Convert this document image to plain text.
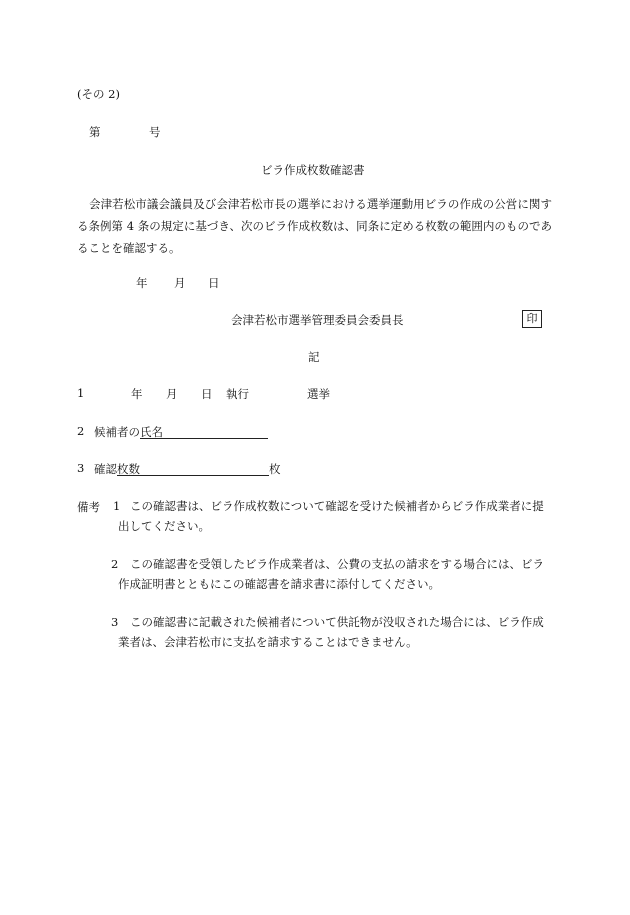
(その 2)
第	号
ビラ作成枚数確認書
会津若松市議会議員及び会津若松市長の選挙における選挙運動用ビラの作成の公営に関する条例第 4 条の規定に基づき、次のビラ作成枚数は、同条に定める枚数の範囲内のものであることを確認する。
年 月 日
会津若松市選挙管理委員会委員長	印
記
1	年 月 日 執行	選挙
2 候補者の氏名
3 確認枚数	枚
備考 1 この確認書は、ビラ作成枚数について確認を受けた候補者からビラ作成業者に提出してください。
2	この確認書を受領したビラ作成業者は、公費の支払の請求をする場合には、ビラ作成証明書とともにこの確認書を請求書に添付してください。
3	この確認書に記載された候補者について供託物が没収された場合には、ビラ作成業者は、会津若松市に支払を請求することはできません。
